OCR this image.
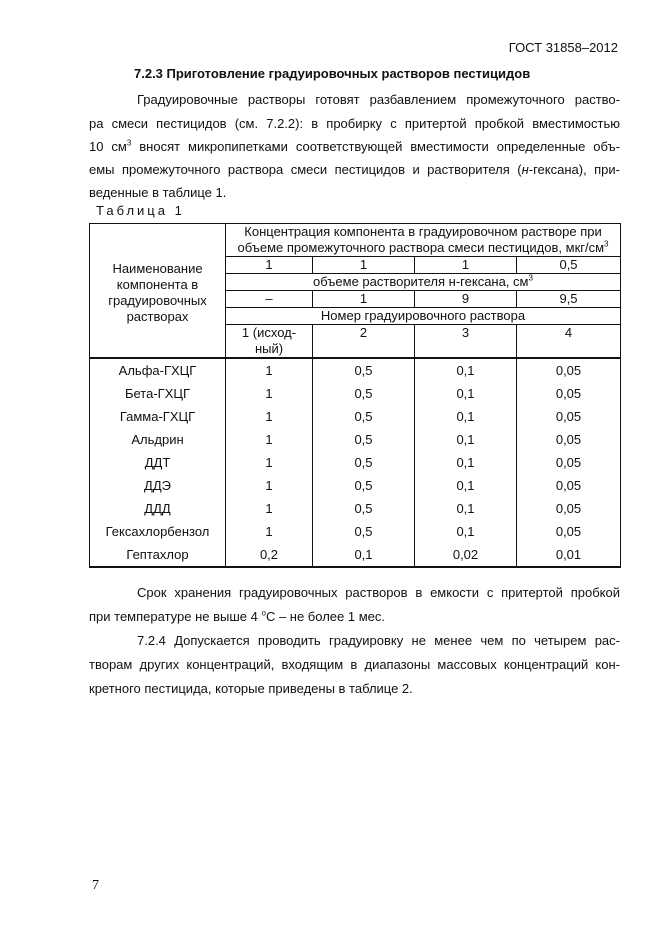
ГОСТ 31858–2012
7.2.3 Приготовление градуировочных растворов пестицидов
Градуировочные растворы готовят разбавлением промежуточного раство-
ра смеси пестицидов (см. 7.2.2): в пробирку с притертой пробкой вместимостью
10 $см^3$ вносят микропипетками соответствующей вместимости определенные объ-
емы промежуточного раствора смеси пестицидов и растворителя (н-гексана), при-
веденные в таблице 1.
Таблица 1
Наименование компонента в градуировочных растворах	Концентрация компонента в градуировочном растворе при			
	объеме промежуточного раствора смеси пестицидов, мкг/$см^3$
	1	1	1	0,5
	объеме растворителя н-гексана, $см^3$
	–	1	9	9,5
	Номер градуировочного раствора			

	1 (исход-ный)	2	3	4
Альфа-ГХЦГ	1	0,5	0,1	0,05
Бета-ГХЦГ	1	0,5	0,1	0,05
Гамма-ГХЦГ	1	0,5	0,1	0,05
Альдрин	1	0,5	0,1	0,05
ДДТ	1	0,5	0,1	0,05
ДДЭ	1	0,5	0,1	0,05
ДДД	1	0,5	0,1	0,05
Гексахлорбензол	1	0,5	0,1	0,05
Гептахлор	0,2	0,1	0,02	0,01
Срок хранения градуировочных растворов в емкости с притертой пробкой
при температуре не выше 4 $^о$С – не более 1 мес.
7.2.4 Допускается проводить градуировку не менее чем по четырем рас-
творам других концентраций, входящим в диапазоны массовых концентраций кон-
кретного пестицида, которые приведены в таблице 2.
7
